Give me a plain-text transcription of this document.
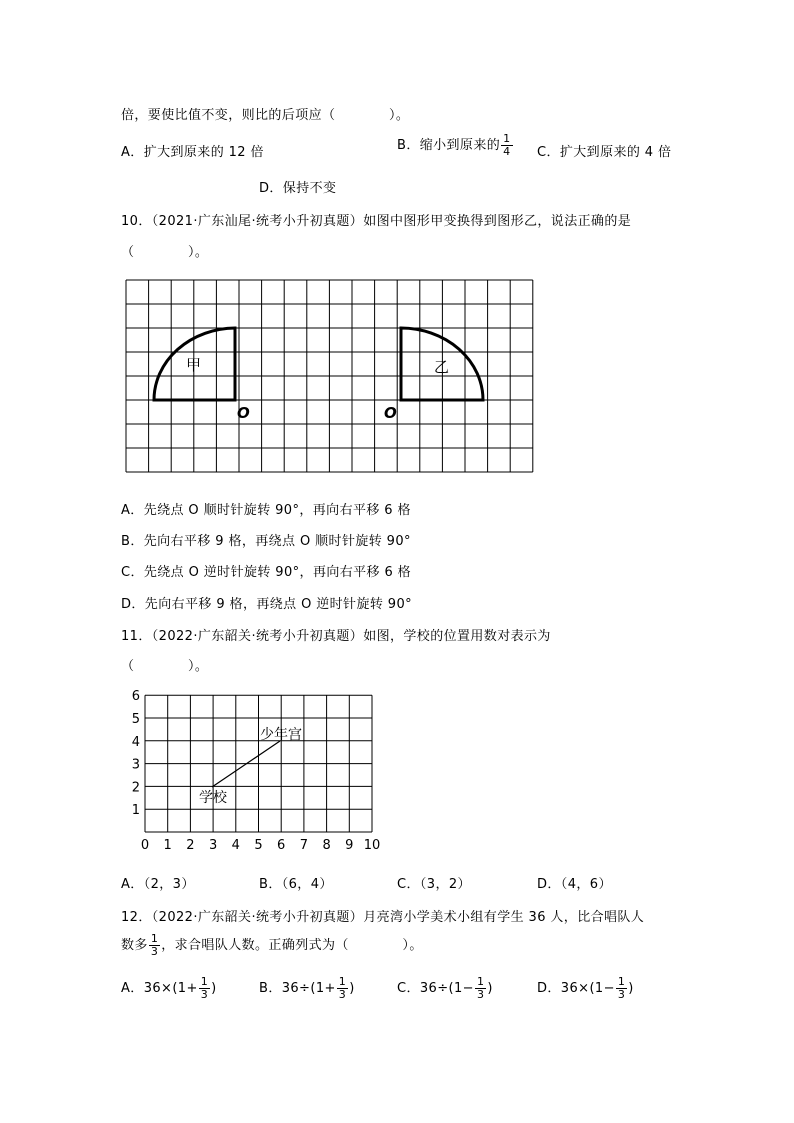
倍，要使比值不变，则比的后项应（　　　　）。
A．扩大到原来的 12 倍	B．缩小到原来的 $\frac{1}{4}$ C．扩大到原来的 4 倍
D．保持不变
10．（2021·广东汕尾·统考小升初真题）如图中图形甲变换得到图形乙，说法正确的是
（　　　　）。
甲	乙
O	O
A．先绕点 O 顺时针旋转 90°，再向右平移 6 格
B．先向右平移 9 格，再绕点 O 顺时针旋转 90°
C．先绕点 O 逆时针旋转 90°，再向右平移 6 格
D．先向右平移 9 格，再绕点 O 逆时针旋转 90°
11．（2022·广东韶关·统考小升初真题）如图，学校的位置用数对表示为
（　　　　）。
0 1 2 3 4 5 6 7 8 9 10
1
2
3
4
5
6
学校
少年宫
A．（2，3）	B．（6，4）	C．（3，2）	D．（4，6）
12．（2022·广东韶关·统考小升初真题）月亮湾小学美术小组有学生 36 人，比合唱队人
数多 $\frac{1}{3}$ ，求合唱队人数。正确列式为（　　　　）。
A．$36\times(1+ \frac{1}{3}$ )	B．$36\div(1+ \frac{1}{3}$ )	C．$36\div(1- \frac{1}{3}$ )	D．$36\times(1- \frac{1}{3}$ )
